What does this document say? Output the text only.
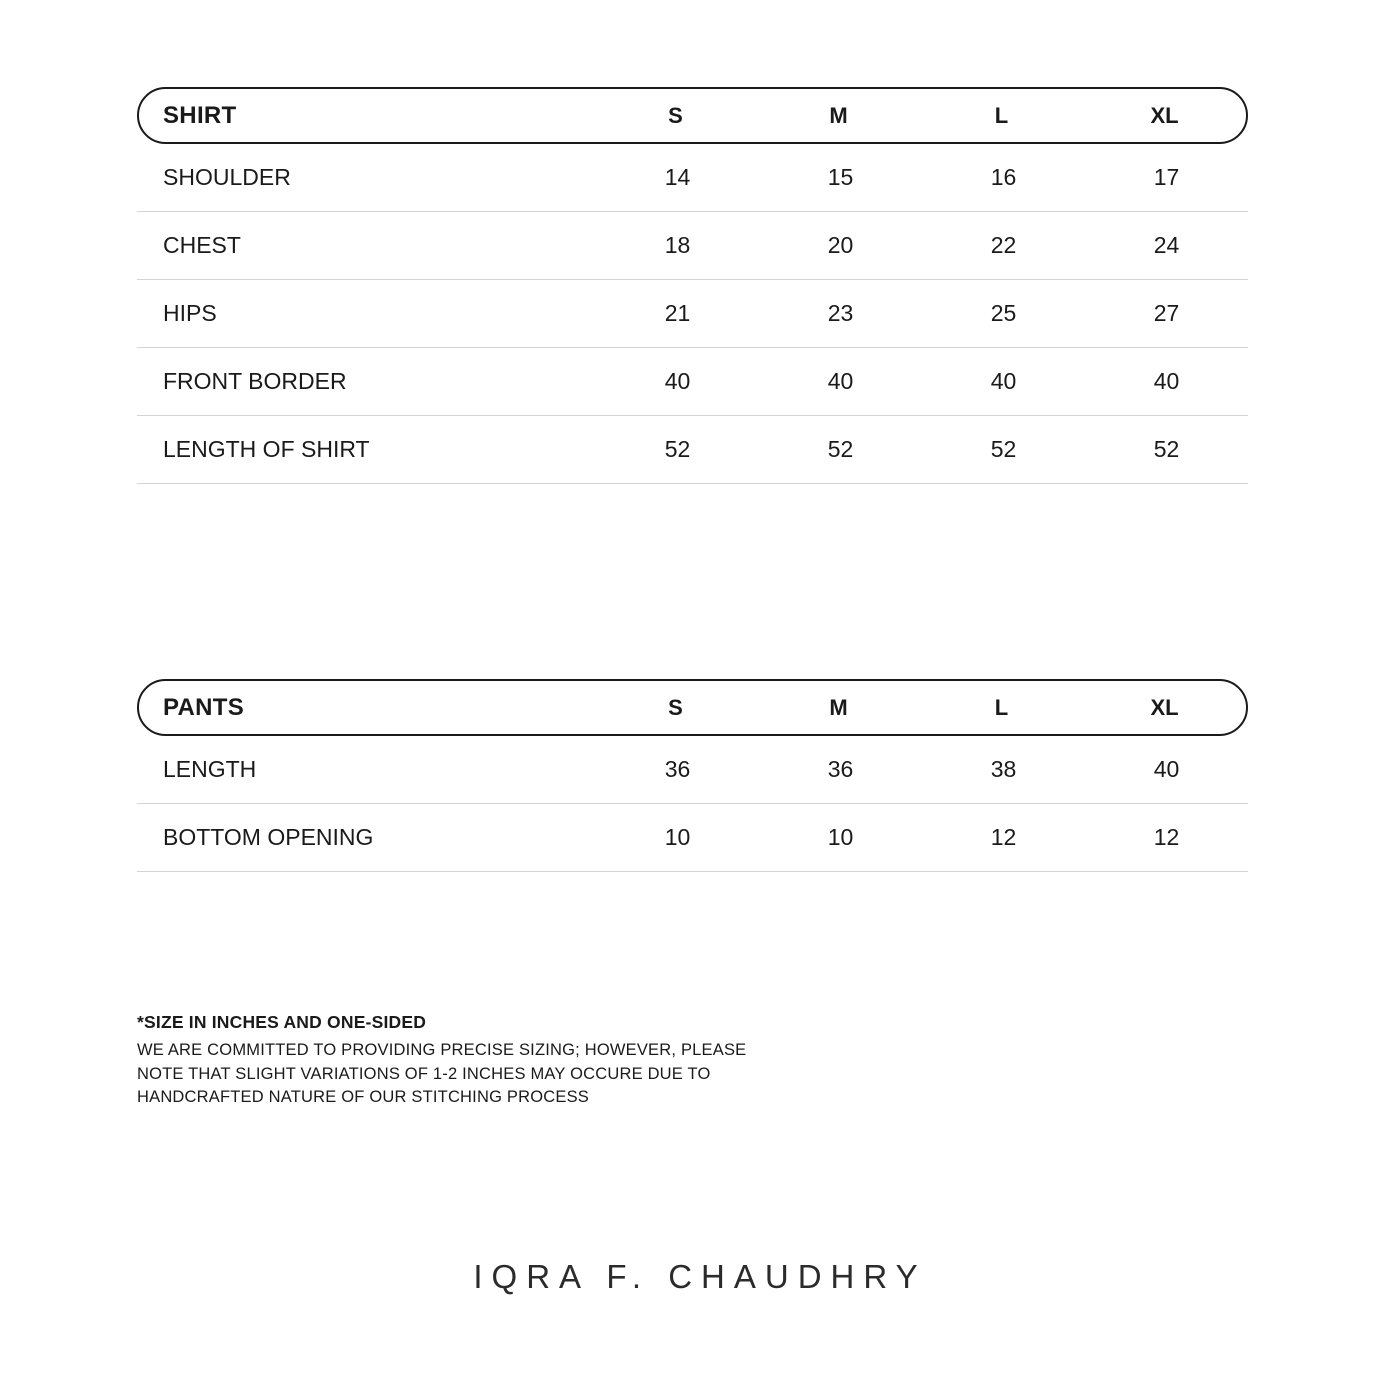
SHIRT	S	M	L	XL
SHOULDER	14	15	16	17
CHEST	18	20	22	24
HIPS	21	23	25	27
FRONT BORDER	40	40	40	40
LENGTH OF SHIRT	52	52	52	52
PANTS	S	M	L	XL
LENGTH	36	36	38	40
BOTTOM OPENING	10	10	12	12
*SIZE IN INCHES AND ONE-SIDED
WE ARE COMMITTED TO PROVIDING PRECISE SIZING; HOWEVER, PLEASE
NOTE THAT SLIGHT VARIATIONS OF 1-2 INCHES MAY OCCURE DUE TO
HANDCRAFTED NATURE OF OUR STITCHING PROCESS
IQRA F. CHAUDHRY
